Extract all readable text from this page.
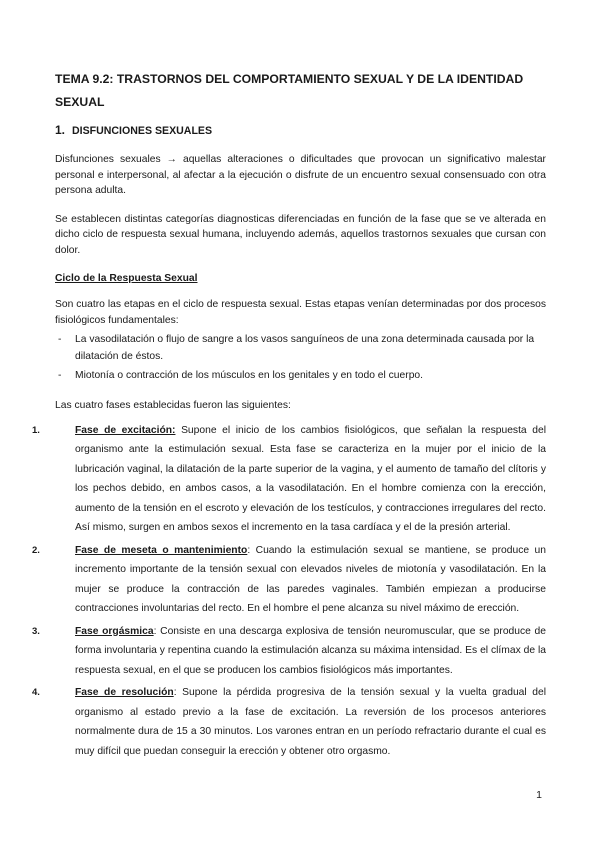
TEMA 9.2: TRASTORNOS DEL COMPORTAMIENTO SEXUAL Y DE LA IDENTIDAD SEXUAL
1. DISFUNCIONES SEXUALES

Disfunciones sexuales → aquellas alteraciones o dificultades que provocan un significativo malestar personal e interpersonal, al afectar a la ejecución o disfrute de un encuentro sexual consensuado con otra persona adulta.

Se establecen distintas categorías diagnosticas diferenciadas en función de la fase que se ve alterada en dicho ciclo de respuesta sexual humana, incluyendo además, aquellos trastornos sexuales que cursan con dolor.

Ciclo de la Respuesta Sexual

Son cuatro las etapas en el ciclo de respuesta sexual. Estas etapas venían determinadas por dos procesos fisiológicos fundamentales:

- La vasodilatación o flujo de sangre a los vasos sanguíneos de una zona determinada causada por la dilatación de éstos.
- Miotonía o contracción de los músculos en los genitales y en todo el cuerpo.

Las cuatro fases establecidas fueron las siguientes:

1.	Fase de excitación: Supone el inicio de los cambios fisiológicos, que señalan la respuesta del organismo ante la estimulación sexual. Esta fase se caracteriza en la mujer por el inicio de la lubricación vaginal, la dilatación de la parte superior de la vagina, y el aumento de tamaño del clítoris y los pechos debido, en ambos casos, a la vasodilatación. En el hombre comienza con la erección, aumento de la tensión en el escroto y elevación de los testículos, y contracciones irregulares del recto. Así mismo, surgen en ambos sexos el incremento en la tasa cardíaca y el de la presión arterial.
2.	Fase de meseta o mantenimiento: Cuando la estimulación sexual se mantiene, se produce un incremento importante de la tensión sexual con elevados niveles de miotonía y vasodilatación. En la mujer se produce la contracción de las paredes vaginales. También empiezan a producirse contracciones involuntarias del recto. En el hombre el pene alcanza su nivel máximo de erección.
3.	Fase orgásmica: Consiste en una descarga explosiva de tensión neuromuscular, que se produce de forma involuntaria y repentina cuando la estimulación alcanza su máxima intensidad. Es el clímax de la respuesta sexual, en el que se producen los cambios fisiológicos más importantes.
4.	Fase de resolución: Supone la pérdida progresiva de la tensión sexual y la vuelta gradual del organismo al estado previo a la fase de excitación. La reversión de los procesos anteriores normalmente dura de 15 a 30 minutos. Los varones entran en un período refractario durante el cual es muy difícil que puedan conseguir la erección y obtener otro orgasmo.
1
